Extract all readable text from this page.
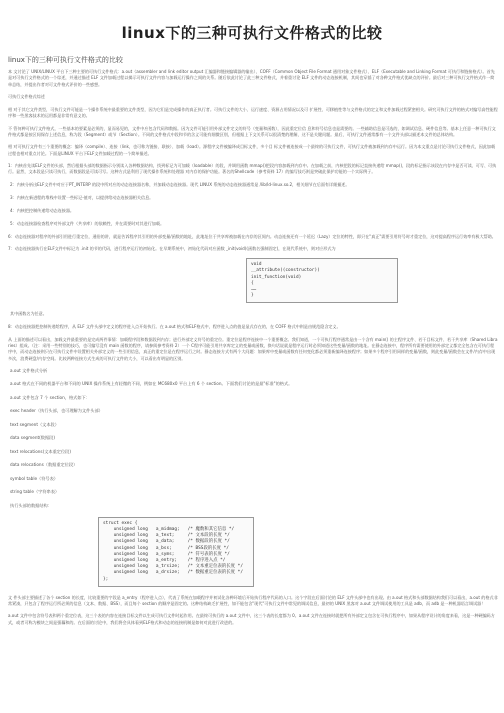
linux下的三种可执行文件格式的比较
linux下的三种可执行文件格式的比较
本 文讨论了 UNIX/LINUX 平台下三种主要的可执行文件格式：a.out（assembler and link editor output 汇编器和链接编辑器的输出）、COFF（Common Object File Format 通用对象文件格式）、ELF（Executable and Linking Format 可执行和链接格式）。首先是对可执行文件格式的一个综述，并通过描述 ELF 文件加载过程以揭示可执行文件内容与加载运行操作之间的关系。随后依此讨论了此三种文件格式，并着重讨论 ELF 文件的动态连接机制，其间也穿插了对各种文件格式优缺点的评价。最后对三种可执行文件格式作一简单总结，并提出作者对可文件格式评价的一些感想。
可执行文件格式综述
相 对于其它文件类型，可执行文件可能是一个操作系统中最重要的文件类型，因为它们是完成操作的真正执行者。可执行文件的大小、运行速度、资源占用情况以及可 扩展性、可移植性等与文件格式的定义和文件加载过程紧密相关。研究可执行文件的格式对编写高性能程序和一些黑客技术的运用都是非常有意义的。
不 管何种可执行文件格式，一些基本的要素是必须的，显而易见的，文件中应包含代码和数据。因为文件可能引用外部文件定义的符号（变量和函数），因此重定位信 息和符号信息也是需要的。一些辅助信息是可选的，如调试信息、硬件信息等。基本上任意一种可执行文件格式都是按区间保存上述信息，称为段（Segment）或节（Section）。不同的文件格式中段和节的含义可能有细微区别，但根据上下文关系可以很清楚的理解，这不是关键问题。最后，可执行文件通常都有一个文件头部以描述本文件的总体结构。
相 对可执行文件有三个重要的概念：编译（compile）、连接（link，也可称为链接、联接）、加载（load）。源程序文件被编译成目标文件，多个目 标文件被连接成一个最终的可执行文件，可执行文件被加载到内存中运行。因为本文重点是讨论可执行文件格式，因此加载过程也相对重点讨论。下面是LINUX 平台下ELF文件加载过程的一个简单描述。
1：内核首先读ELF文件的头部，然后根据头部的数据指示分别读入各种数据结构，找到标记为可加载（loadable）的段，并调用函数 mmap()把段内容加载到内存中。在加载之前，内核把段的标记直接传递给 mmap()，段的标记指示该段在内存中是否可读、可写、可执行。显然，文本段是只读可执行，而数据段是可读可写。这种方式是利用了现代操作系统和处理器 对内存的保护功能。著名的Shellcode（参考资料 17）的编写技巧则是突破此保护功能的一个实际例子。
2：内核分析出ELF文件中对应于PT_INTERP 的段中所对应的动态连接器名称，并加载动态连接器。现代 LINUX 系统的动态连接器通常是 /lib/ld-linux.so.2，相关细节在后面有详细描述。
3：内核在新进程的堆栈中设置一些标记-值对，以提供给动态连接器相关信息。
4：内核把控制传递给动态连接器。
5：动态连接器检查程序对外部文件（共享库）的依赖性，并在需要时对其进行加载。
6：动态连接器对程序的外部引用进行重定位，通俗的讲，就是告诉程序其引用的外部变量/函数的地址，此地址位于共享库被加载在内存的区间内。动态连接还有一个延迟（Lazy）定位的特性，即只在"真正"需要引用符号时才重定位，这对提高程序运行效率有极大帮助。
7：动态连接器执行在ELF文件中标记为 .init 的节的代码，进行程序运行的初始化。在早期系统中，初始化代码对应函数 _init(void)(函数名强制固定)，在现代系统中，则对应形式为
void
__attribute((constructor))
init_function(void)
{
……
}
其中函数名为任意。
8：动态连接器把控制传递给程序，从 ELF 文件头部中定义的程序进入点开始执行。在 a.out 格式和ELF格式中，程序进入点的值是显式存在的，在 COFF 格式中则是由规范隐含定义。
从 上面的描述可以看出，加载文件最重要的是完成两件事情：加载程序段和数据段到内存；进行外部定义符号的重定位。重定位是程序连接中一个重要概念。我们知道，一个可执行程序通常是由一个含有 main() 的主程序文件、若干目标文件、若干共享库（Shared Libraries）组成。（注：采用一些特别的技巧，也可编写没有 main 函数的程序，请参阅参考资料 2）一个 C程序可能引用共享库定义的变量或函数，换句话说就是程序运行时必须知道这些变量/函数的地址。在静态连接中，程序所有需要使用的外部定义都完全包含在可执行程序中，而动态连接则只在可执行文件中设置相关外部定义的一些引用信息，真正的重定位是在程序运行之时。静态连接方式有两个大问题：如果库中变量或函数有任何变化都必须重新编译连接程序；如果多个程序引用同样的变量/函数，则此变量/函数会在文件/内存中出现多次，浪费硬盘/内存空间。比较两种连接方式生成的可执行文件的大小，可以看出有明显的区别。
a.out 文件格式分析
a.out 格式在不同的机器平台和不同的 UNIX 操作系统上有轻微的不同，例如在 MC680x0 平台上有 6 个 section。下面我们讨论的是最"标准"的格式。
a.out 文件包含 7 个 section，格式如下：
exec header（执行头部，也可理解为文件头部）
text segment（文本段）
data segment(数据段)
text relocations(文本重定位段)
data relocations（数据重定位段）
symbol table（符号表）
string table（字符串表）
执行头部的数据结构：
struct exec {
unsigned long   a_midmag;   /* 魔数和其它信息 */
unsigned long   a_text;     /* 文本段的长度 */
unsigned long   a_data;     /* 数据段的长度 */
unsigned long   a_bss;      /* BSS段的长度 */
unsigned long   a_syms;     /* 符号表的长度 */
unsigned long   a_entry;    /* 程序进入点 */
unsigned long   a_trsize;   /* 文本重定位表的长度 */
unsigned long   a_drsize;   /* 数据重定位表的长度 */
};
文 件头部主要描述了各个 section 的长度，比较重要的字段是 a_entry（程序进入点），代表了系统在加载程序并初试化各种环境后开始执行程序代码的入口。这个字段在后面讨论的 ELF 文件头部中也有出现。由 a.out 格式和头部数据结构我们可以看出，a.out 的格式非常紧凑，只包含了程序运行所必须的信息（文本、数据、BSS），而且每个 section 的顺序是固定的。这种结构缺乏扩展性，如不能包含"现代"可执行文件中常见的调试信息，最初的 UNIX 黑客对 a.out 文件调试使用的工具是 adb，而 adb 是一种机器语言调试器！
a.out 文件中包含符号表和两个重定位表，这三个表的内容在连接目标文件以生成可执行文件时起作用。在最终可执行的 a.out 文件中，这三个表的长度都为 0。a.out 文件在连接时就把所有外部定义包含在可执行程序中，如果从程序设计的角度来看，这是一种硬编码方式，或者可称为模块之间是强藕和的。在后面的讨论中，我们将会具体看到ELF格式和动态的连接机制是如何对此进行改进的。
